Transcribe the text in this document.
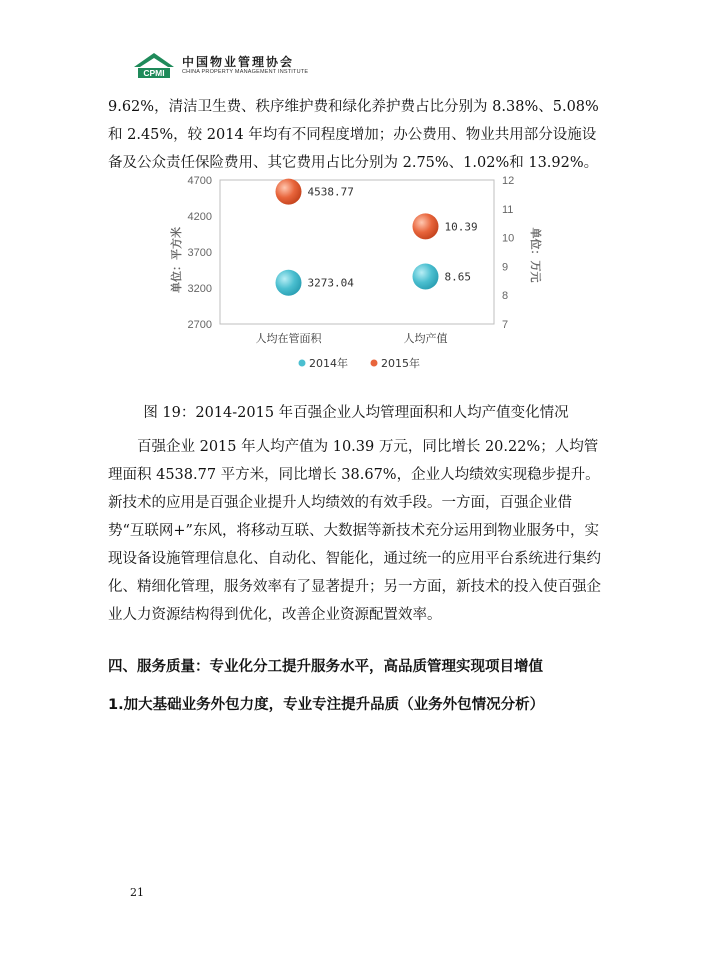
CPMI
中国物业管理协会
CHINA PROPERTY MANAGEMENT INSTITUTE
9.62%，清洁卫生费、秩序维护费和绿化养护费占比分别为 8.38%、5.08%和 2.45%，较 2014 年均有不同程度增加；办公费用、物业共用部分设施设备及公众责任保险费用、其它费用占比分别为 2.75%、1.02%和 13.92%。
4700
4200
3700
3200
2700
12
11
10
9
8
7
人均在管面积	人均产值
3273.04	8.65
4538.77
10.39
单位：平方米	单位：万元
2014年	2015年
图 19：2014-2015 年百强企业人均管理面积和人均产值变化情况
百强企业 2015 年人均产值为 10.39 万元，同比增长 20.22%；人均管理面积 4538.77 平方米，同比增长 38.67%，企业人均绩效实现稳步提升。新技术的应用是百强企业提升人均绩效的有效手段。一方面，百强企业借势“互联网+”东风，将移动互联、大数据等新技术充分运用到物业服务中，实现设备设施管理信息化、自动化、智能化，通过统一的应用平台系统进行集约化、精细化管理，服务效率有了显著提升；另一方面，新技术的投入使百强企业人力资源结构得到优化，改善企业资源配置效率。
四、服务质量：专业化分工提升服务水平，高品质管理实现项目增值
1.加大基础业务外包力度，专业专注提升品质（业务外包情况分析）
21
